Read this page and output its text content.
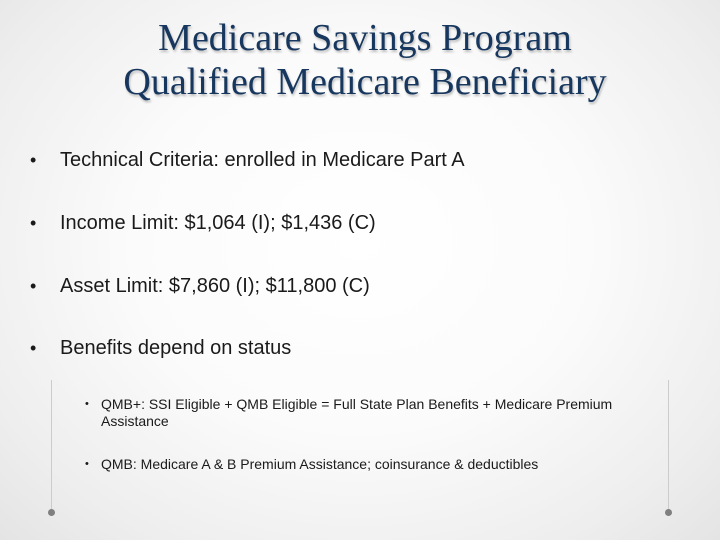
Medicare Savings Program
Qualified Medicare Beneficiary
•	Technical Criteria: enrolled in Medicare Part A
•	Income Limit: $1,064 (I); $1,436 (C)
•	Asset Limit: $7,860 (I); $11,800 (C)
•	Benefits depend on status
• QMB+: SSI Eligible + QMB Eligible = Full State Plan Benefits + Medicare Premium Assistance
• QMB: Medicare A & B Premium Assistance; coinsurance & deductibles
